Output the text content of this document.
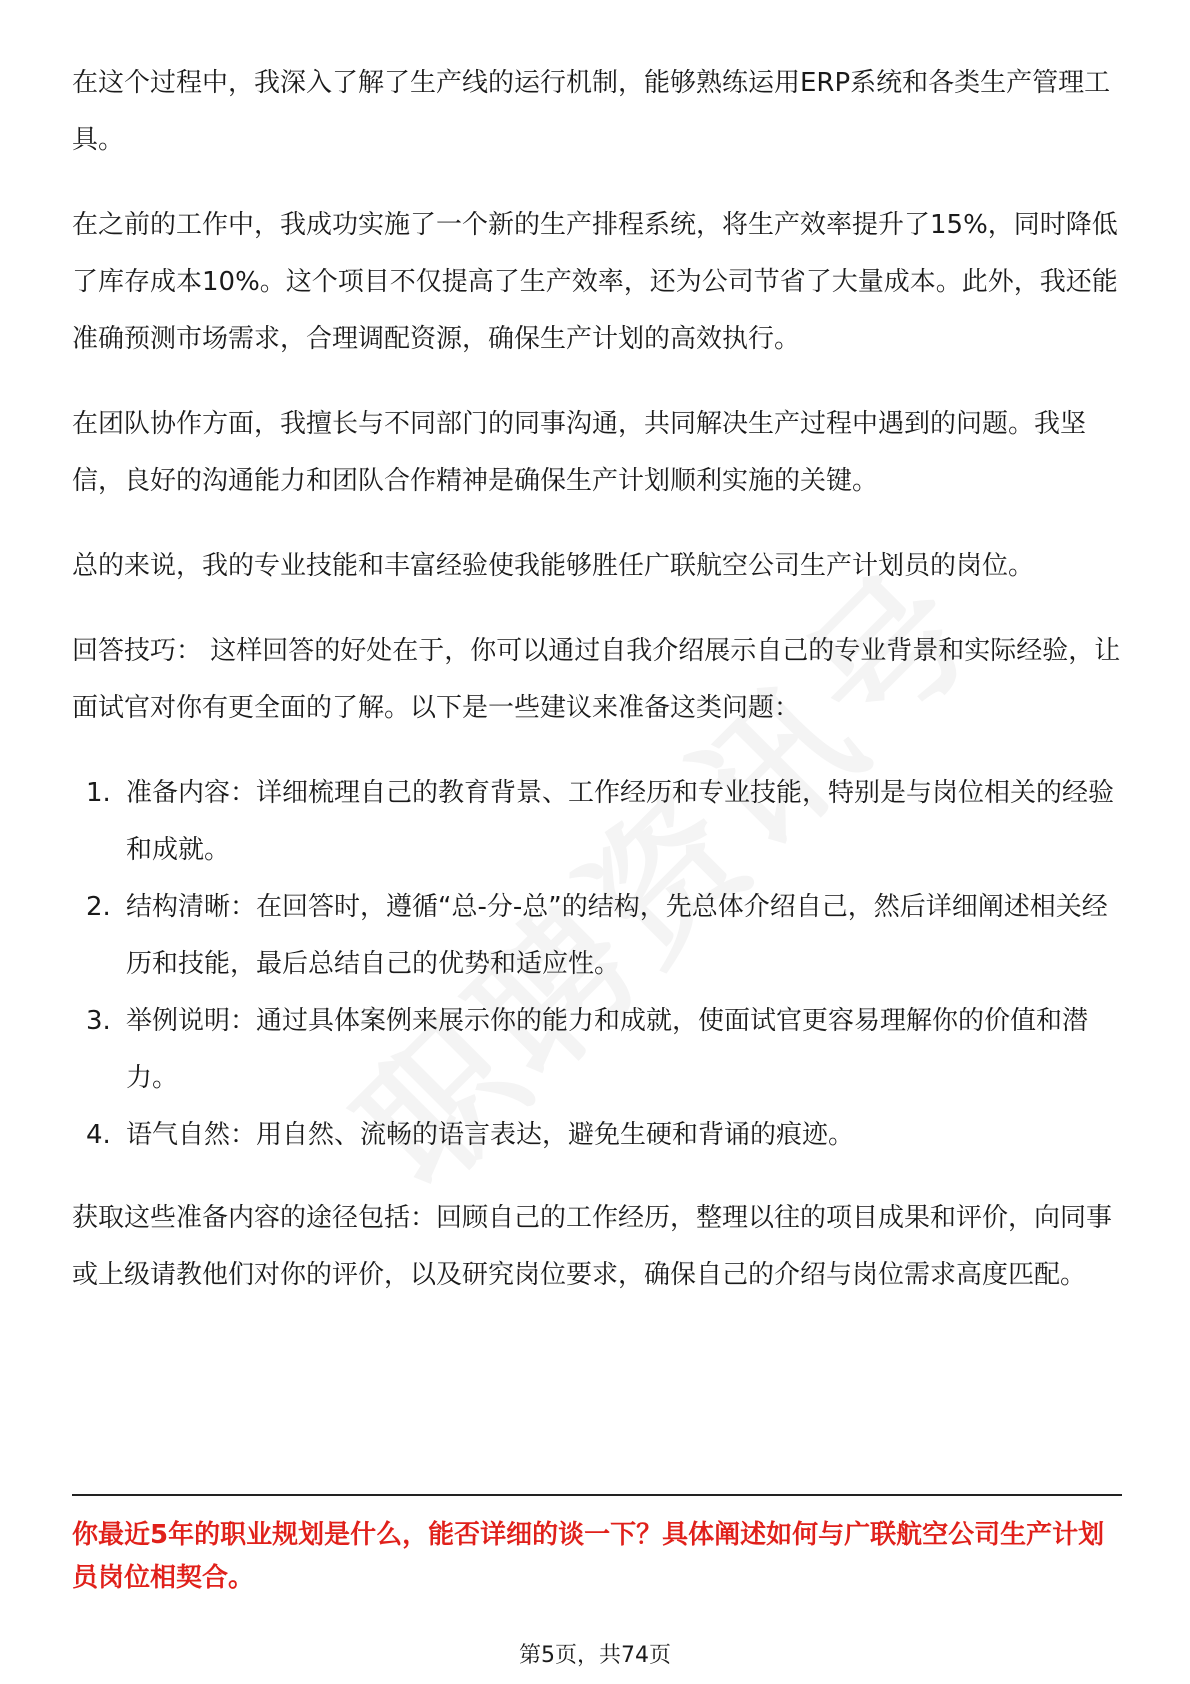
在这个过程中，我深入了解了生产线的运行机制，能够熟练运用ERP系统和各类生产管理工具。

在之前的工作中，我成功实施了一个新的生产排程系统，将生产效率提升了15%，同时降低了库存成本10%。这个项目不仅提高了生产效率，还为公司节省了大量成本。此外，我还能准确预测市场需求，合理调配资源，确保生产计划的高效执行。

在团队协作方面，我擅长与不同部门的同事沟通，共同解决生产过程中遇到的问题。我坚信，良好的沟通能力和团队合作精神是确保生产计划顺利实施的关键。

总的来说，我的专业技能和丰富经验使我能够胜任广联航空公司生产计划员的岗位。

回答技巧： 这样回答的好处在于，你可以通过自我介绍展示自己的专业背景和实际经验，让面试官对你有更全面的了解。以下是一些建议来准备这类问题：

1. 准备内容：详细梳理自己的教育背景、工作经历和专业技能，特别是与岗位相关的经验和成就。
2. 结构清晰：在回答时，遵循“总-分-总”的结构，先总体介绍自己，然后详细阐述相关经历和技能，最后总结自己的优势和适应性。
3. 举例说明：通过具体案例来展示你的能力和成就，使面试官更容易理解你的价值和潜力。
4. 语气自然：用自然、流畅的语言表达，避免生硬和背诵的痕迹。

获取这些准备内容的途径包括：回顾自己的工作经历，整理以往的项目成果和评价，向同事或上级请教他们对你的评价，以及研究岗位要求，确保自己的介绍与岗位需求高度匹配。

你最近5年的职业规划是什么，能否详细的谈一下？具体阐述如何与广联航空公司生产计划员岗位相契合。
第5页，共74页
